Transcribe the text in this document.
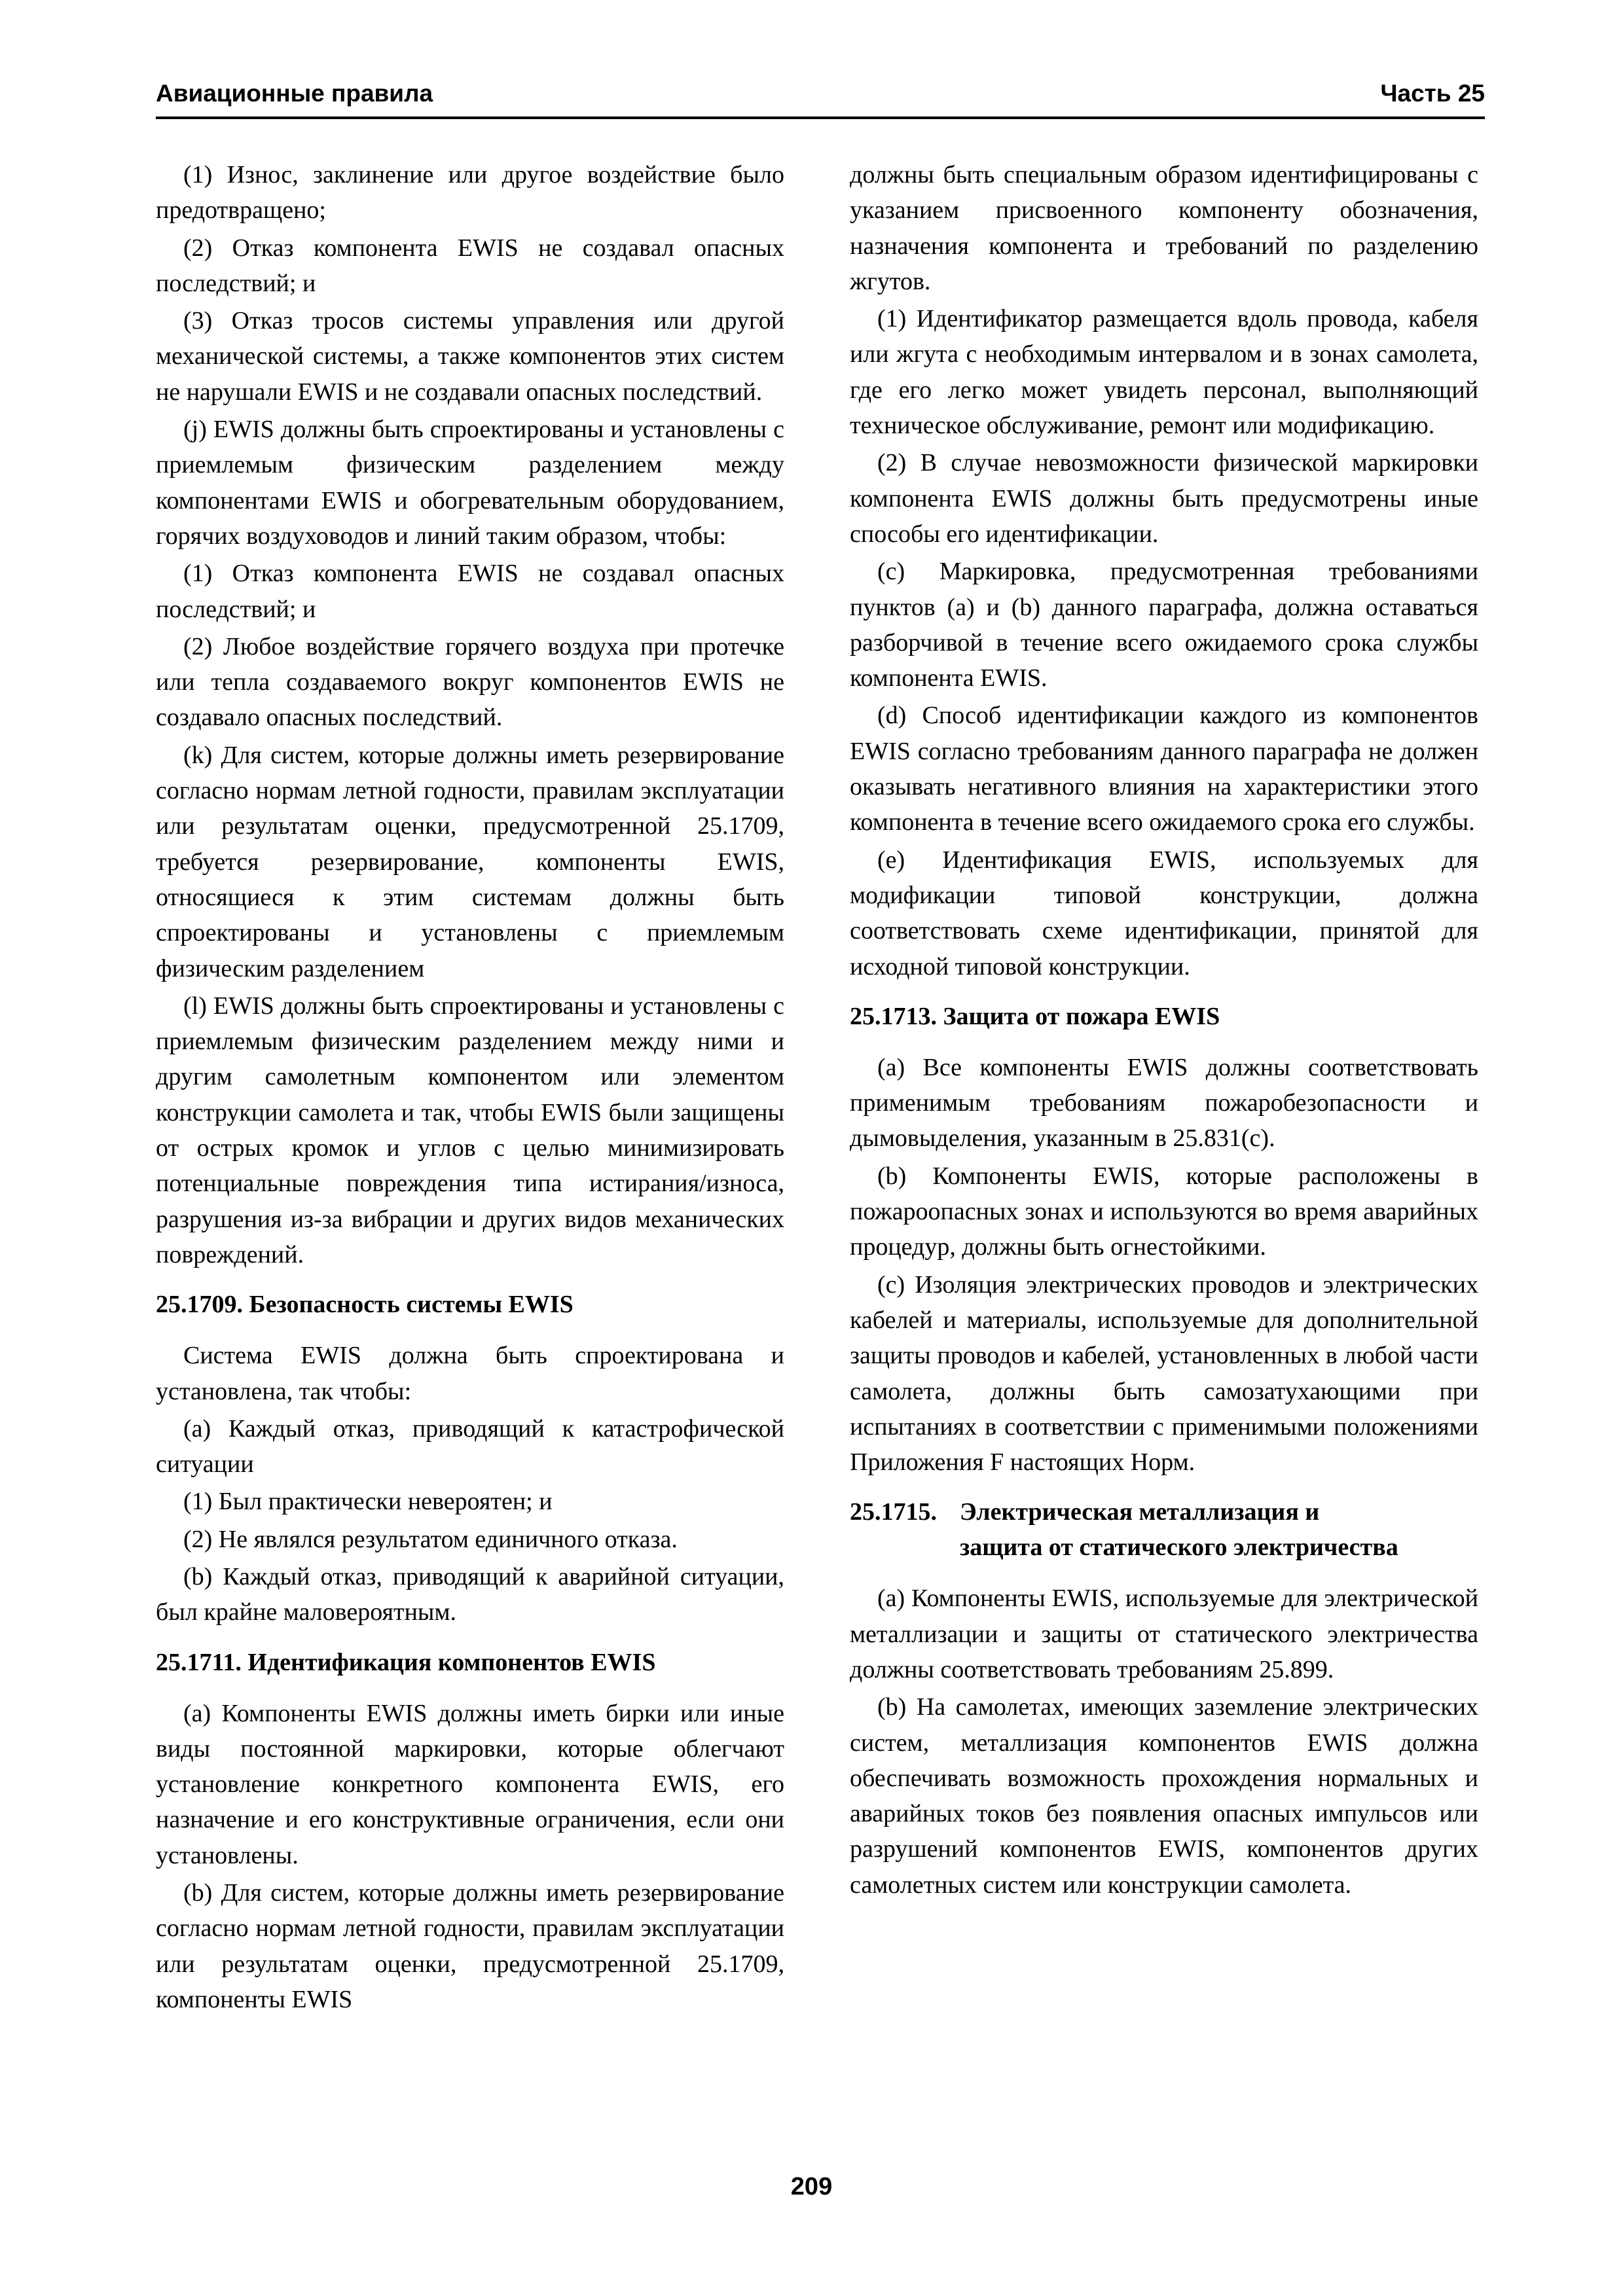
Авиационные правила	Часть 25

(1) Износ, заклинение или другое воздействие было предотвращено;

(2) Отказ компонента EWIS не создавал опасных последствий; и

(3) Отказ тросов системы управления или другой механической системы, а также компонентов этих систем не нарушали EWIS и не создавали опасных последствий.

(j) EWIS должны быть спроектированы и установлены с приемлемым физическим разделением между компонентами EWIS и обогревательным оборудованием, горячих воздуховодов и линий таким образом, чтобы:

(1) Отказ компонента EWIS не создавал опасных последствий; и

(2) Любое воздействие горячего воздуха при протечке или тепла создаваемого вокруг компонентов EWIS не создавало опасных последствий.

(k) Для систем, которые должны иметь резервирование согласно нормам летной годности, правилам эксплуатации или результатам оценки, предусмотренной 25.1709, требуется резервирование, компоненты EWIS, относящиеся к этим системам должны быть спроектированы и установлены с приемлемым физическим разделением

(l) EWIS должны быть спроектированы и установлены с приемлемым физическим разделением между ними и другим самолетным компонентом или элементом конструкции самолета и так, чтобы EWIS были защищены от острых кромок и углов с целью минимизировать потенциальные повреждения типа истирания/износа, разрушения из-за вибрации и других видов механических повреждений.

25.1709. Безопасность системы EWIS

Система EWIS должна быть спроектирована и установлена, так чтобы:

(а) Каждый отказ, приводящий к катастрофической ситуации

(1) Был практически невероятен; и

(2) Не являлся результатом единичного отказа.

(b) Каждый отказ, приводящий к аварийной ситуации, был крайне маловероятным.

25.1711. Идентификация компонентов EWIS

(а) Компоненты EWIS должны иметь бирки или иные виды постоянной маркировки, которые облегчают установление конкретного компонента EWIS, его назначение и его конструктивные ограничения, если они установлены.

(b) Для систем, которые должны иметь резервирование согласно нормам летной годности, правилам эксплуатации или результатам оценки, предусмотренной 25.1709, компоненты EWIS

должны быть специальным образом идентифицированы с указанием присвоенного компоненту обозначения, назначения компонента и требований по разделению жгутов.

(1) Идентификатор размещается вдоль провода, кабеля или жгута с необходимым интервалом и в зонах самолета, где его легко может увидеть персонал, выполняющий техническое обслуживание, ремонт или модификацию.

(2) В случае невозможности физической маркировки компонента EWIS должны быть предусмотрены иные способы его идентификации.

(с) Маркировка, предусмотренная требованиями пунктов (а) и (b) данного параграфа, должна оставаться разборчивой в течение всего ожидаемого срока службы компонента EWIS.

(d) Способ идентификации каждого из компонентов EWIS согласно требованиям данного параграфа не должен оказывать негативного влияния на характеристики этого компонента в течение всего ожидаемого срока его службы.

(е) Идентификация EWIS, используемых для модификации типовой конструкции, должна соответствовать схеме идентификации, принятой для исходной типовой конструкции.

25.1713. Защита от пожара EWIS

(а) Все компоненты EWIS должны соответствовать применимым требованиям пожаробезопасности и дымовыделения, указанным в 25.831(с).

(b) Компоненты EWIS, которые расположены в пожароопасных зонах и используются во время аварийных процедур, должны быть огнестойкими.

(с) Изоляция электрических проводов и электрических кабелей и материалы, используемые для дополнительной защиты проводов и кабелей, установленных в любой части самолета, должны быть самозатухающими при испытаниях в соответствии с применимыми положениями Приложения F настоящих Норм.

25.1715. Электрическая металлизация и
защита от статического электричества

(а) Компоненты EWIS, используемые для электрической металлизации и защиты от статического электричества должны соответствовать требованиям 25.899.

(b) На самолетах, имеющих заземление электрических систем, металлизация компонентов EWIS должна обеспечивать возможность прохождения нормальных и аварийных токов без появления опасных импульсов или разрушений компонентов EWIS, компонентов других самолетных систем или конструкции самолета.

209
